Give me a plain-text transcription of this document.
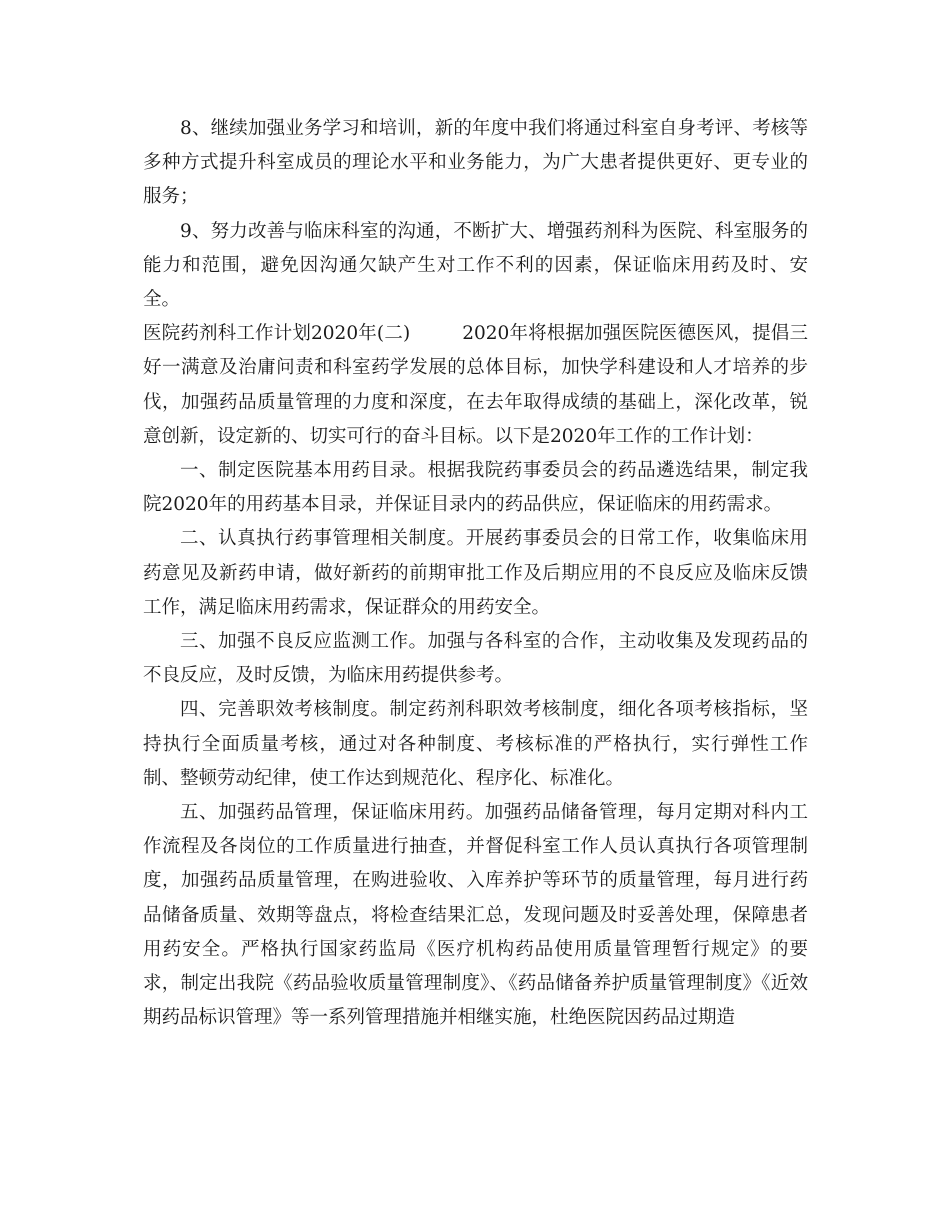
8、继续加强业务学习和培训，新的年度中我们将通过科室自身考评、考核等多种方式提升科室成员的理论水平和业务能力，为广大患者提供更好、更专业的服务；

9、努力改善与临床科室的沟通，不断扩大、增强药剂科为医院、科室服务的能力和范围，避免因沟通欠缺产生对工作不利的因素，保证临床用药及时、安全。

医院药剂科工作计划2020年(二)	2020年将根据加强医院医德医风，提倡三好一满意及治庸问责和科室药学发展的总体目标，加快学科建设和人才培养的步伐，加强药品质量管理的力度和深度，在去年取得成绩的基础上，深化改革，锐意创新，设定新的、切实可行的奋斗目标。以下是2020年工作的工作计划：

一、制定医院基本用药目录。根据我院药事委员会的药品遴选结果，制定我院2020年的用药基本目录，并保证目录内的药品供应，保证临床的用药需求。

二、认真执行药事管理相关制度。开展药事委员会的日常工作，收集临床用药意见及新药申请，做好新药的前期审批工作及后期应用的不良反应及临床反馈工作，满足临床用药需求，保证群众的用药安全。

三、加强不良反应监测工作。加强与各科室的合作，主动收集及发现药品的不良反应，及时反馈，为临床用药提供参考。

四、完善职效考核制度。制定药剂科职效考核制度，细化各项考核指标，坚持执行全面质量考核，通过对各种制度、考核标准的严格执行，实行弹性工作制、整顿劳动纪律，使工作达到规范化、程序化、标准化。

五、加强药品管理，保证临床用药。加强药品储备管理，每月定期对科内工作流程及各岗位的工作质量进行抽查，并督促科室工作人员认真执行各项管理制度，加强药品质量管理，在购进验收、入库养护等环节的质量管理，每月进行药品储备质量、效期等盘点，将检查结果汇总，发现问题及时妥善处理，保障患者用药安全。严格执行国家药监局《医疗机构药品使用质量管理暂行规定》的要求，制定出我院《药品验收质量管理制度》、《药品储备养护质量管理制度》《近效期药品标识管理》等一系列管理措施并相继实施，杜绝医院因药品过期造
